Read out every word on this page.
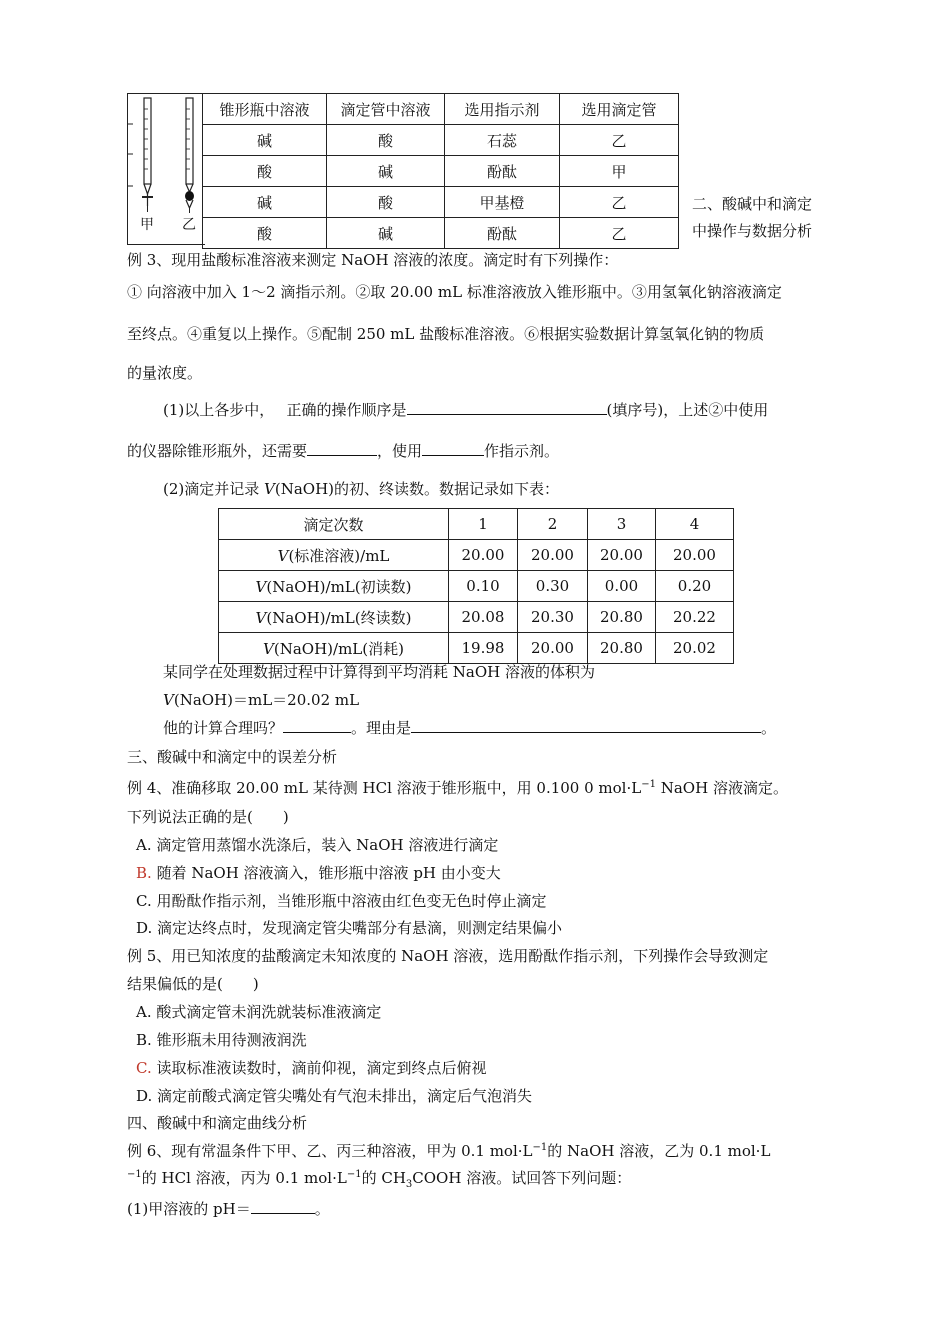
甲 乙
锥形瓶中溶液	滴定管中溶液	选用指示剂	选用滴定管
碱	酸	石蕊	乙
酸	碱	酚酞	甲
碱	酸	甲基橙	乙
酸	碱	酚酞	乙
二、酸碱中和滴定
中操作与数据分析
例 3、现用盐酸标准溶液来测定 NaOH 溶液的浓度。滴定时有下列操作：
① 向溶液中加入 1～2 滴指示剂。②取 20.00 mL 标准溶液放入锥形瓶中。③用氢氧化钠溶液滴定
至终点。④重复以上操作。⑤配制 250 mL 盐酸标准溶液。⑥根据实验数据计算氢氧化钠的物质
的量浓度。
(1)以上各步中，　 正确的操作顺序是	(填序号)，上述②中使用
的仪器除锥形瓶外，还需要	，使用	作指示剂。
(2)滴定并记录 V(NaOH)的初、终读数。数据记录如下表：
滴定次数	1	2	3	4
V(标准溶液)/mL	20.00	20.00	20.00	20.00
V(NaOH)/mL(初读数)	0.10	0.30	0.00	0.20
V(NaOH)/mL(终读数)	20.08	20.30	20.80	20.22
V(NaOH)/mL(消耗)	19.98	20.00	20.80	20.02
某同学在处理数据过程中计算得到平均消耗 NaOH 溶液的体积为
V(NaOH)＝mL＝20.02 mL
他的计算合理吗？	。理由是	。
三、酸碱中和滴定中的误差分析
例 4、准确移取 20.00 mL 某待测 HCl 溶液于锥形瓶中，用 0.100 0 $mol\cdot L^{-1}$ NaOH 溶液滴定。
下列说法正确的是(　　)
A. 滴定管用蒸馏水洗涤后，装入 NaOH 溶液进行滴定
B. 随着 NaOH 溶液滴入，锥形瓶中溶液 pH 由小变大
C. 用酚酞作指示剂，当锥形瓶中溶液由红色变无色时停止滴定
D. 滴定达终点时，发现滴定管尖嘴部分有悬滴，则测定结果偏小
例 5、用已知浓度的盐酸滴定未知浓度的 NaOH 溶液，选用酚酞作指示剂，下列操作会导致测定
结果偏低的是(　　)
A. 酸式滴定管未润洗就装标准液滴定
B. 锥形瓶未用待测液润洗
C. 读取标准液读数时，滴前仰视，滴定到终点后俯视
D. 滴定前酸式滴定管尖嘴处有气泡未排出，滴定后气泡消失
四、酸碱中和滴定曲线分析
例 6、现有常温条件下甲、乙、丙三种溶液，甲为 0.1 $mol\cdot L^{-1}$的 NaOH 溶液，乙为 0.1 mol·L
$^{-1}$的 HCl 溶液，丙为 0.1 $mol\cdot L^{-1}$的 $CH_3COOH$ 溶液。试回答下列问题：
(1)甲溶液的 pH＝	。
